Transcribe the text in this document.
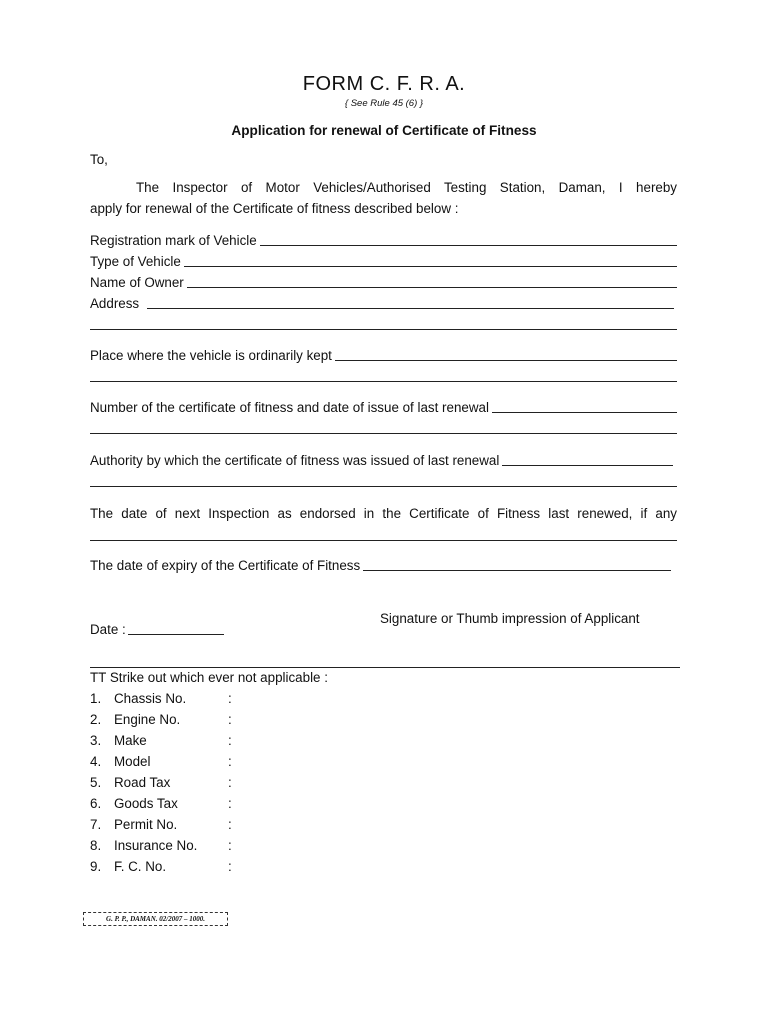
FORM C. F. R. A.
{ See Rule 45 (6) }
Application for renewal of Certificate of Fitness
To,
The Inspector of Motor Vehicles/Authorised Testing Station, Daman, I hereby
apply for renewal of the Certificate of fitness described below :
Registration mark of Vehicle
Type of Vehicle
Name of Owner
Address
Place where the vehicle is ordinarily kept
Number of the certificate of fitness and date of issue of last renewal
Authority by which the certificate of fitness was issued of last renewal
The date of next Inspection as endorsed in the Certificate of Fitness last renewed, if any
The date of expiry of the Certificate of Fitness
Signature or Thumb impression of Applicant
Date :
TT Strike out which ever not applicable :
1. Chassis No.	:
2. Engine No.	:
3. Make	:
4. Model	:
5. Road Tax	:
6. Goods Tax	:
7. Permit No.	:
8. Insurance No. :
9. F. C. No.	:
G. P. P., DAMAN. 02/2007 – 1000.
